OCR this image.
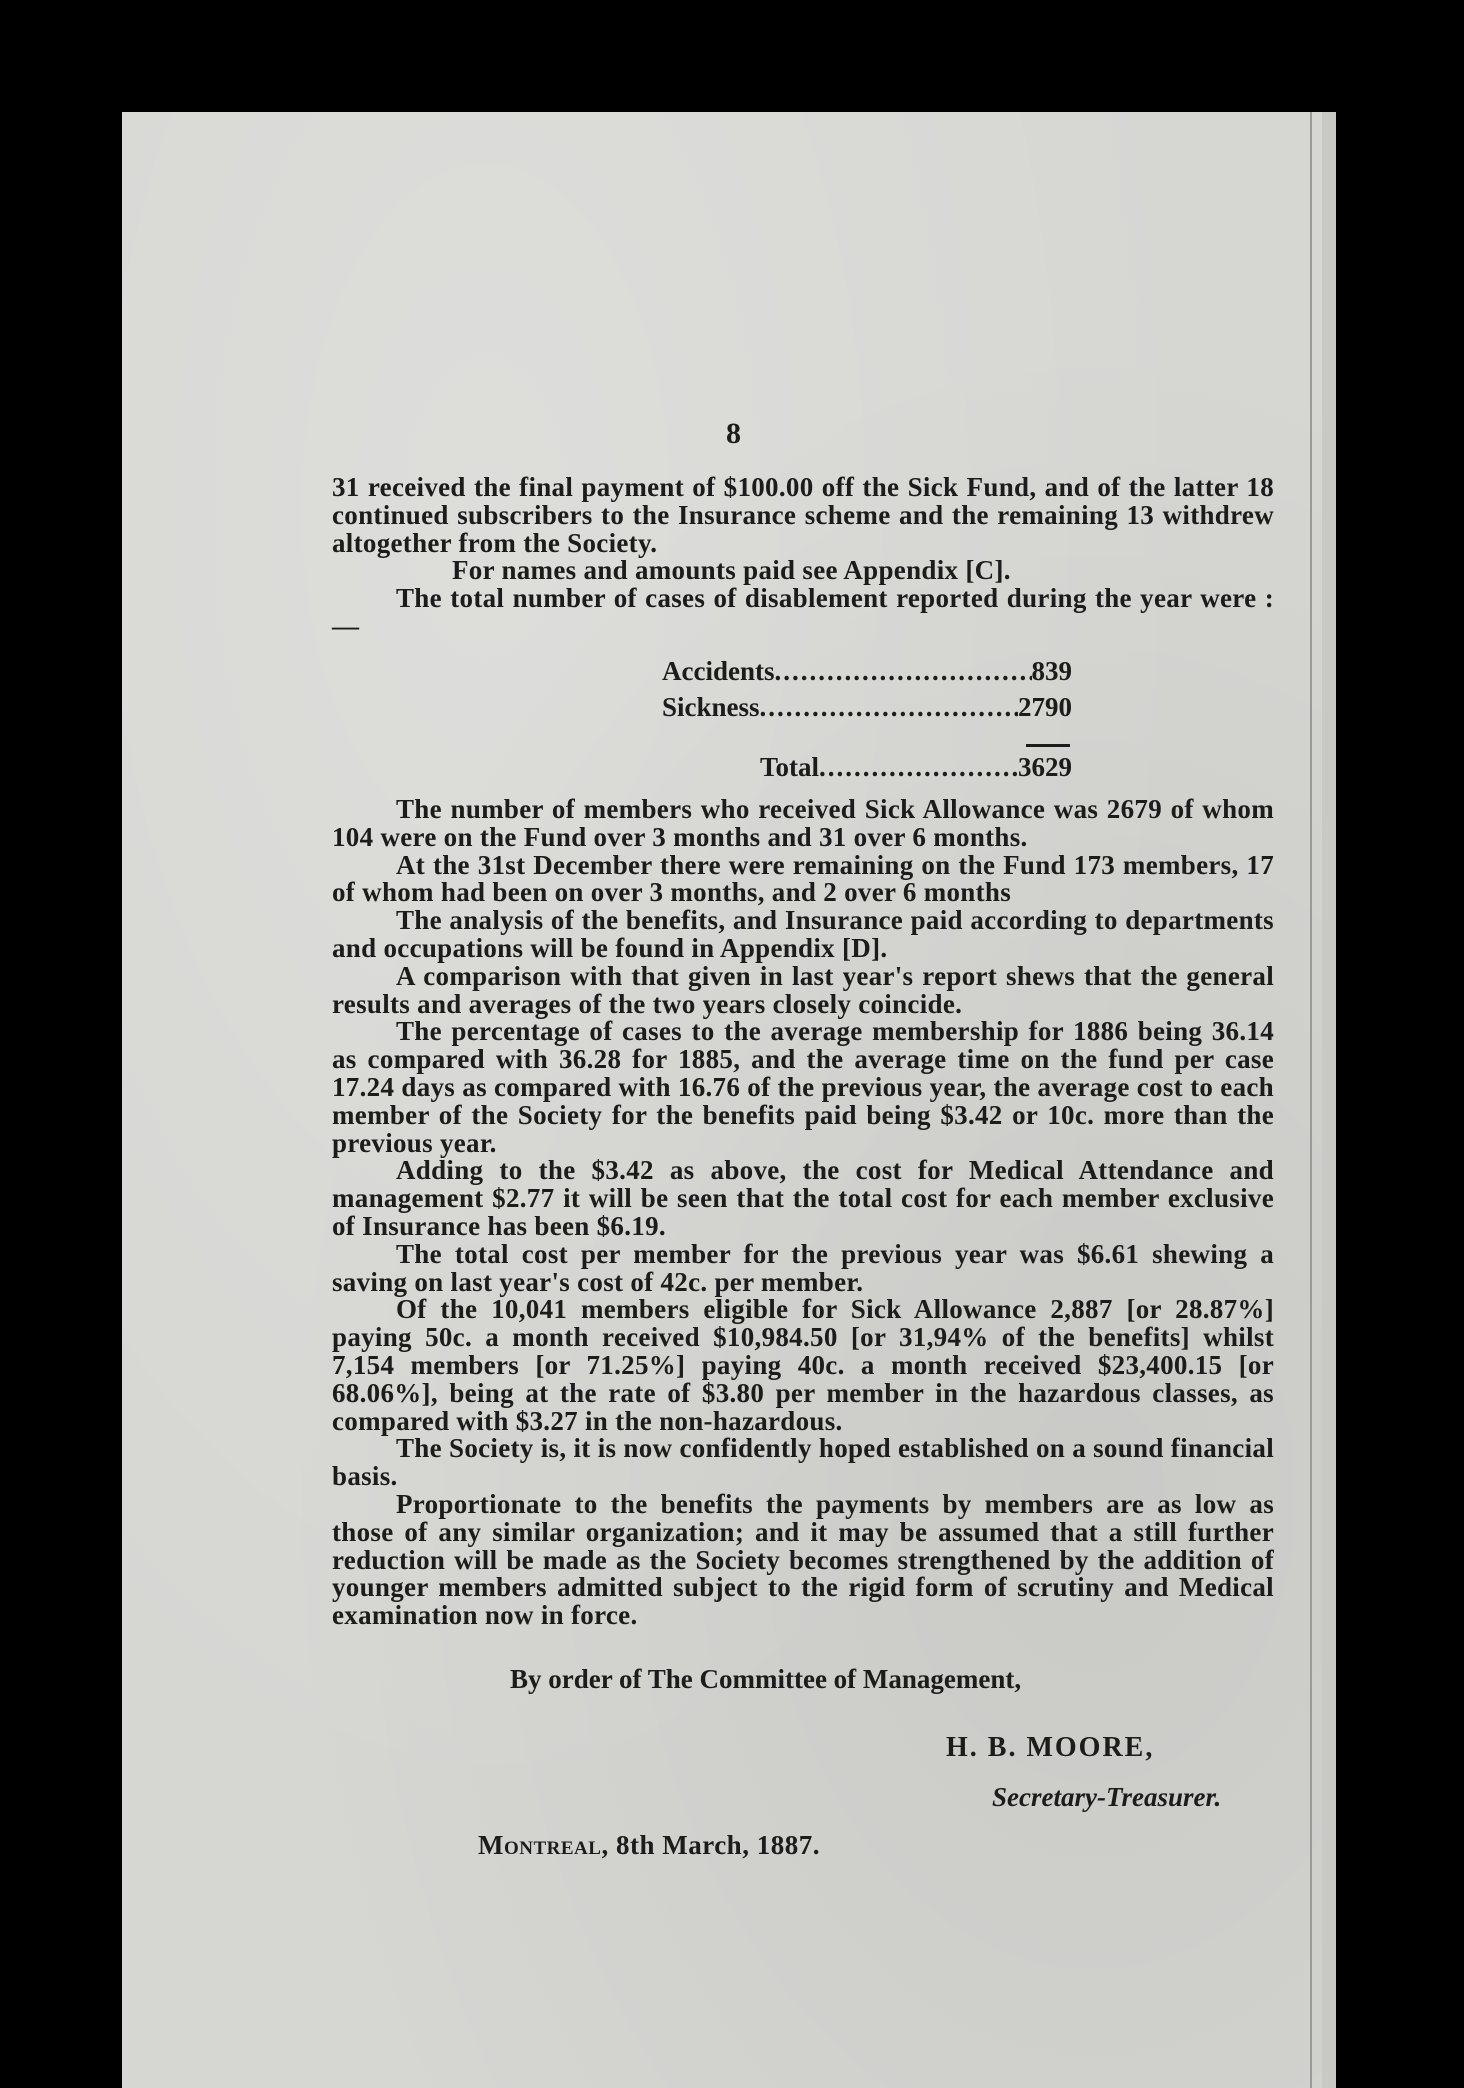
8

31 received the final payment of $100.00 off the Sick Fund, and of the latter 18 continued subscribers to the Insurance scheme and the remaining 13 withdrew altogether from the Society.

For names and amounts paid see Appendix [C].

The total number of cases of disablement reported during the year were :—

Accidents .....	839
Sickness .....	2790
Total .....	3629

The number of members who received Sick Allowance was 2679 of whom 104 were on the Fund over 3 months and 31 over 6 months.

At the 31st December there were remaining on the Fund 173 members, 17 of whom had been on over 3 months, and 2 over 6 months

The analysis of the benefits, and Insurance paid according to departments and occupations will be found in Appendix [D].

A comparison with that given in last year's report shews that the general results and averages of the two years closely coincide.

The percentage of cases to the average membership for 1886 being 36.14 as compared with 36.28 for 1885, and the average time on the fund per case 17.24 days as compared with 16.76 of the previous year, the average cost to each member of the Society for the benefits paid being $3.42 or 10c. more than the previous year.

Adding to the $3.42 as above, the cost for Medical Attendance and management $2.77 it will be seen that the total cost for each member exclusive of Insurance has been $6.19.

The total cost per member for the previous year was $6.61 shewing a saving on last year's cost of 42c. per member.

Of the 10,041 members eligible for Sick Allowance 2,887 [or 28.87%] paying 50c. a month received $10,984.50 [or 31,94% of the benefits] whilst 7,154 members [or 71.25%] paying 40c. a month received $23,400.15 [or 68.06%], being at the rate of $3.80 per member in the hazardous classes, as compared with $3.27 in the non-hazardous.

The Society is, it is now confidently hoped established on a sound financial basis.

Proportionate to the benefits the payments by members are as low as those of any similar organization; and it may be assumed that a still further reduction will be made as the Society becomes strengthened by the addition of younger members admitted subject to the rigid form of scrutiny and Medical examination now in force.

By order of The Committee of Management,
H. B. MOORE,
Secretary-Treasurer.
Montreal, 8th March, 1887.
